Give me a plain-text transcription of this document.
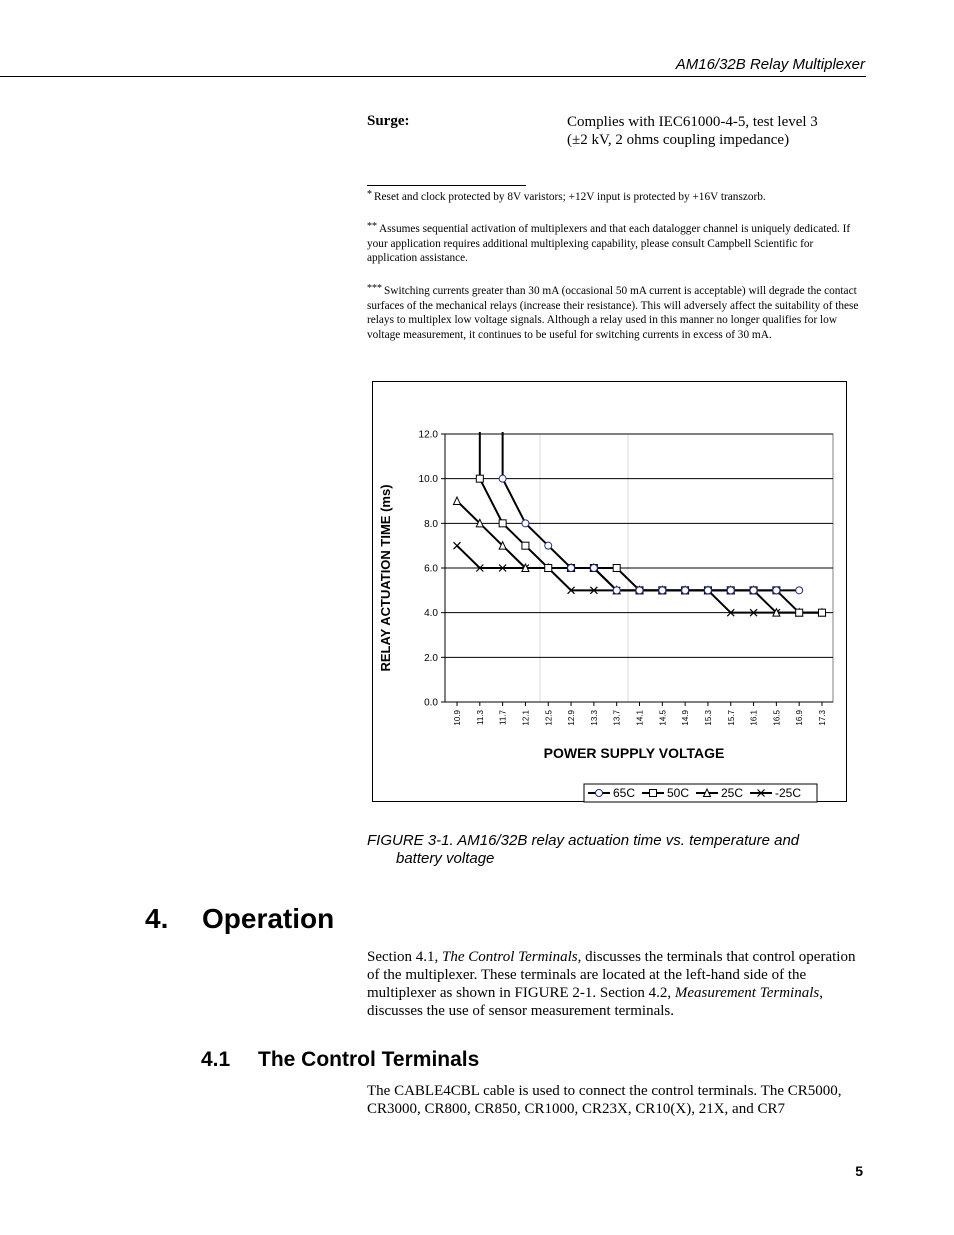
AM16/32B Relay Multiplexer
Surge:	Complies with IEC61000-4-5, test level 3
(±2 kV, 2 ohms coupling impedance)
* Reset and clock protected by 8V varistors; +12V input is protected by +16V transzorb.
** Assumes sequential activation of multiplexers and that each datalogger channel is uniquely dedicated. If your application requires additional multiplexing capability, please consult Campbell Scientific for application assistance.
*** Switching currents greater than 30 mA (occasional 50 mA current is acceptable) will degrade the contact surfaces of the mechanical relays (increase their resistance). This will adversely affect the suitability of these relays to multiplex low voltage signals. Although a relay used in this manner no longer qualifies for low voltage measurement, it continues to be useful for switching currents in excess of 30 mA.
0.0
2.0
4.0
6.0
8.0
10.0
12.0
10.9 11.3 11.7 12.1 12.5 12.9 13.3 13.7 14.1 14.5 14.9 15.3 15.7 16.1 16.5 16.9 17.3
POWER SUPPLY VOLTAGE
RELAY ACTUATION TIME (ms)
65C	50C	25C	-25C
FIGURE 3-1. AM16/32B relay actuation time vs. temperature and
battery voltage
4. Operation
Section 4.1, The Control Terminals, discusses the terminals that control operation of the multiplexer. These terminals are located at the left-hand side of the multiplexer as shown in FIGURE 2-1. Section 4.2, Measurement Terminals, discusses the use of sensor measurement terminals.
4.1 The Control Terminals
The CABLE4CBL cable is used to connect the control terminals. The CR5000, CR3000, CR800, CR850, CR1000, CR23X, CR10(X), 21X, and CR7
5
